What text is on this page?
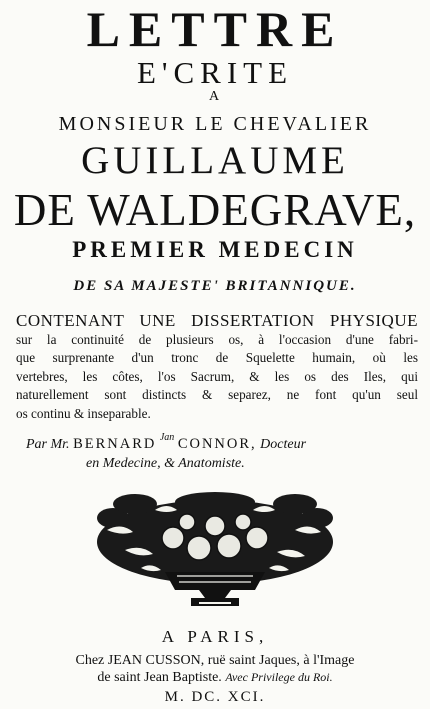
LETTRE
E'CRITE
A
MONSIEUR LE CHEVALIER
GUILLAUME
DE WALDEGRAVE,
PREMIER MEDECIN
DE SA MAJESTE' BRITANNIQUE.
CONTENANT UNE DISSERTATION PHYSIQUE
sur la continuité de plusieurs os, à l'occasion d'une fabri-
que surprenante d'un tronc de Squelette humain, où les
vertebres, les côtes, l'os Sacrum, & les os des Iles, qui
naturellement sont distincts & separez, ne font qu'un seul
os continu & inseparable.
Par Mr. BERNARD $^{Jan}$ CONNOR, Docteur
en Medecine, & Anatomiste.
A PARIS,
Chez JEAN CUSSON, ruë saint Jaques, à l'Image
de saint Jean Baptiste. Avec Privilege du Roi.
M. DC. XCI.
